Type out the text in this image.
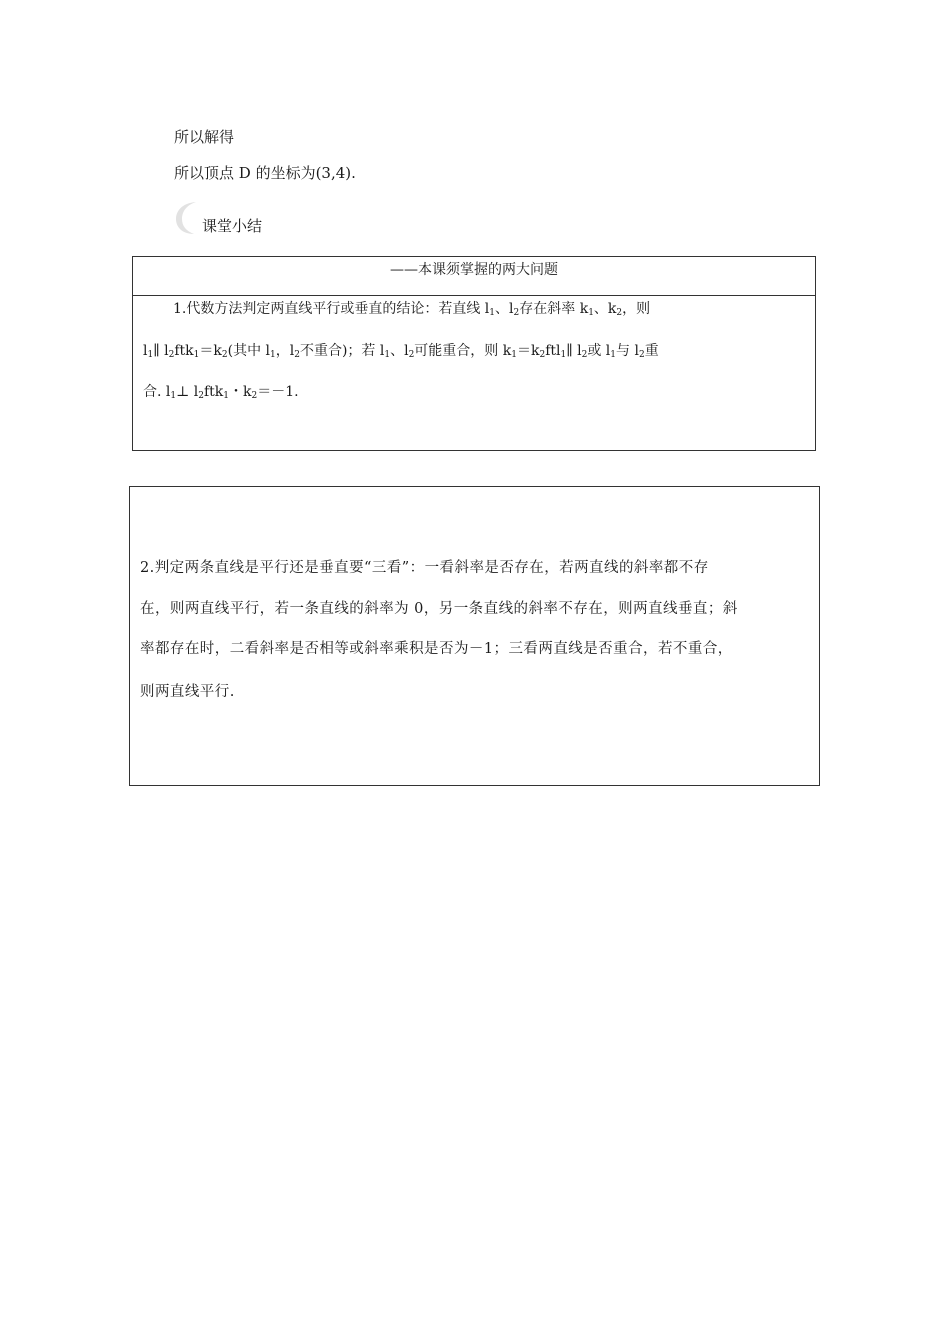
所以解得
所以顶点 D 的坐标为(3,4).
课堂小结
——本课须掌握的两大问题
1.代数方法判定两直线平行或垂直的结论：若直线 $l_1$、$l_2$存在斜率 $k_1$、$k_2$，则
$l_1\parallel$ $l_2ftk_1=k_2$(其中 $l_1$，$l_2$不重合)；若 $l_1$、$l_2$可能重合，则 $k_1=k_2ftl_1\parallel$ $l_2$或 $l_1$与 $l_2$重
合. $l_1\perp$ $l_2ftk_1$・$k_2=-1$.
2.判定两条直线是平行还是垂直要“三看”：一看斜率是否存在，若两直线的斜率都不存
在，则两直线平行，若一条直线的斜率为 0，另一条直线的斜率不存在，则两直线垂直；斜
率都存在时，二看斜率是否相等或斜率乘积是否为－1；三看两直线是否重合，若不重合，
则两直线平行.
